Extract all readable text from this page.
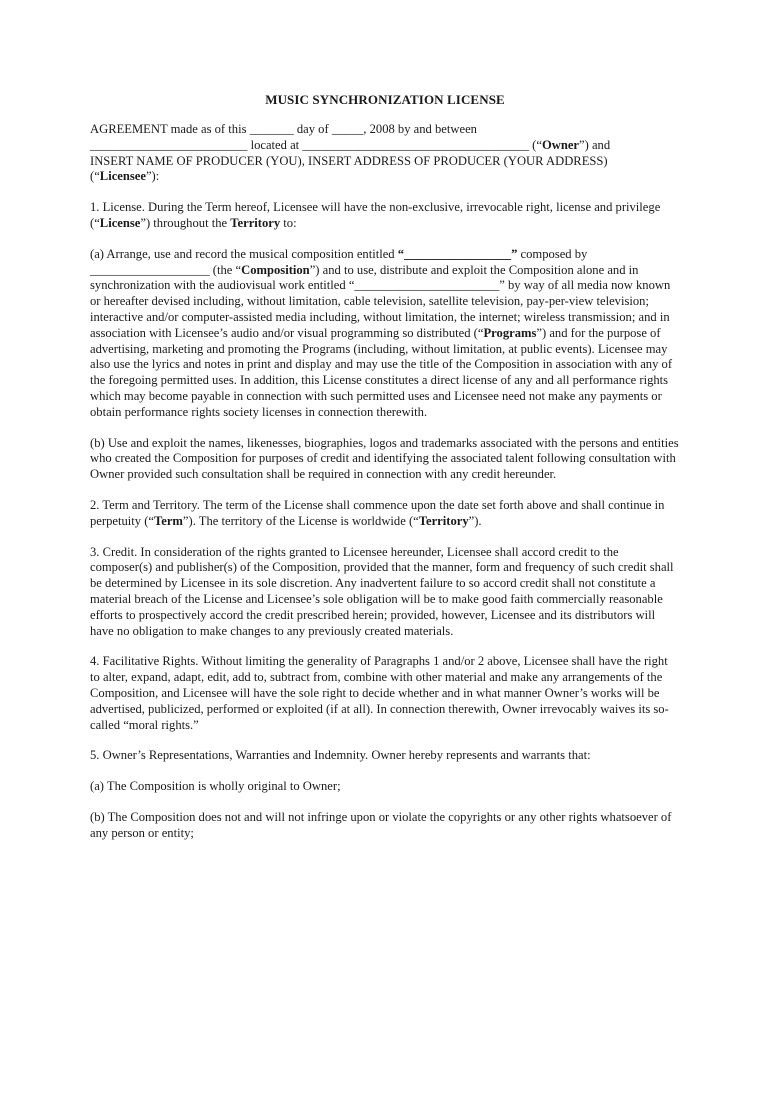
MUSIC SYNCHRONIZATION LICENSE
AGREEMENT made as of this _______ day of _____, 2008 by and between
_________________________ located at ____________________________________ (“Owner”) and
INSERT NAME OF PRODUCER (YOU), INSERT ADDRESS OF PRODUCER (YOUR ADDRESS)
(“Licensee”):
1. License. During the Term hereof, Licensee will have the non-exclusive, irrevocable right, license and privilege (“License”) throughout the Territory to:
(a) Arrange, use and record the musical composition entitled “_________________” composed by ___________________ (the “Composition”) and to use, distribute and exploit the Composition alone and in synchronization with the audiovisual work entitled “_______________________” by way of all media now known or hereafter devised including, without limitation, cable television, satellite television, pay-per-view television; interactive and/or computer-assisted media including, without limitation, the internet; wireless transmission; and in association with Licensee’s audio and/or visual programming so distributed (“Programs”) and for the purpose of advertising, marketing and promoting the Programs (including, without limitation, at public events). Licensee may also use the lyrics and notes in print and display and may use the title of the Composition in association with any of the foregoing permitted uses. In addition, this License constitutes a direct license of any and all performance rights which may become payable in connection with such permitted uses and Licensee need not make any payments or obtain performance rights society licenses in connection therewith.
(b) Use and exploit the names, likenesses, biographies, logos and trademarks associated with the persons and entities who created the Composition for purposes of credit and identifying the associated talent following consultation with Owner provided such consultation shall be required in connection with any credit hereunder.
2. Term and Territory. The term of the License shall commence upon the date set forth above and shall continue in perpetuity (“Term”). The territory of the License is worldwide (“Territory”).
3. Credit. In consideration of the rights granted to Licensee hereunder, Licensee shall accord credit to the composer(s) and publisher(s) of the Composition, provided that the manner, form and frequency of such credit shall be determined by Licensee in its sole discretion. Any inadvertent failure to so accord credit shall not constitute a material breach of the License and Licensee’s sole obligation will be to make good faith commercially reasonable efforts to prospectively accord the credit prescribed herein; provided, however, Licensee and its distributors will have no obligation to make changes to any previously created materials.
4. Facilitative Rights. Without limiting the generality of Paragraphs 1 and/or 2 above, Licensee shall have the right to alter, expand, adapt, edit, add to, subtract from, combine with other material and make any arrangements of the Composition, and Licensee will have the sole right to decide whether and in what manner Owner’s works will be advertised, publicized, performed or exploited (if at all). In connection therewith, Owner irrevocably waives its so-called “moral rights.”
5. Owner’s Representations, Warranties and Indemnity. Owner hereby represents and warrants that:
(a) The Composition is wholly original to Owner;
(b) The Composition does not and will not infringe upon or violate the copyrights or any other rights whatsoever of any person or entity;
